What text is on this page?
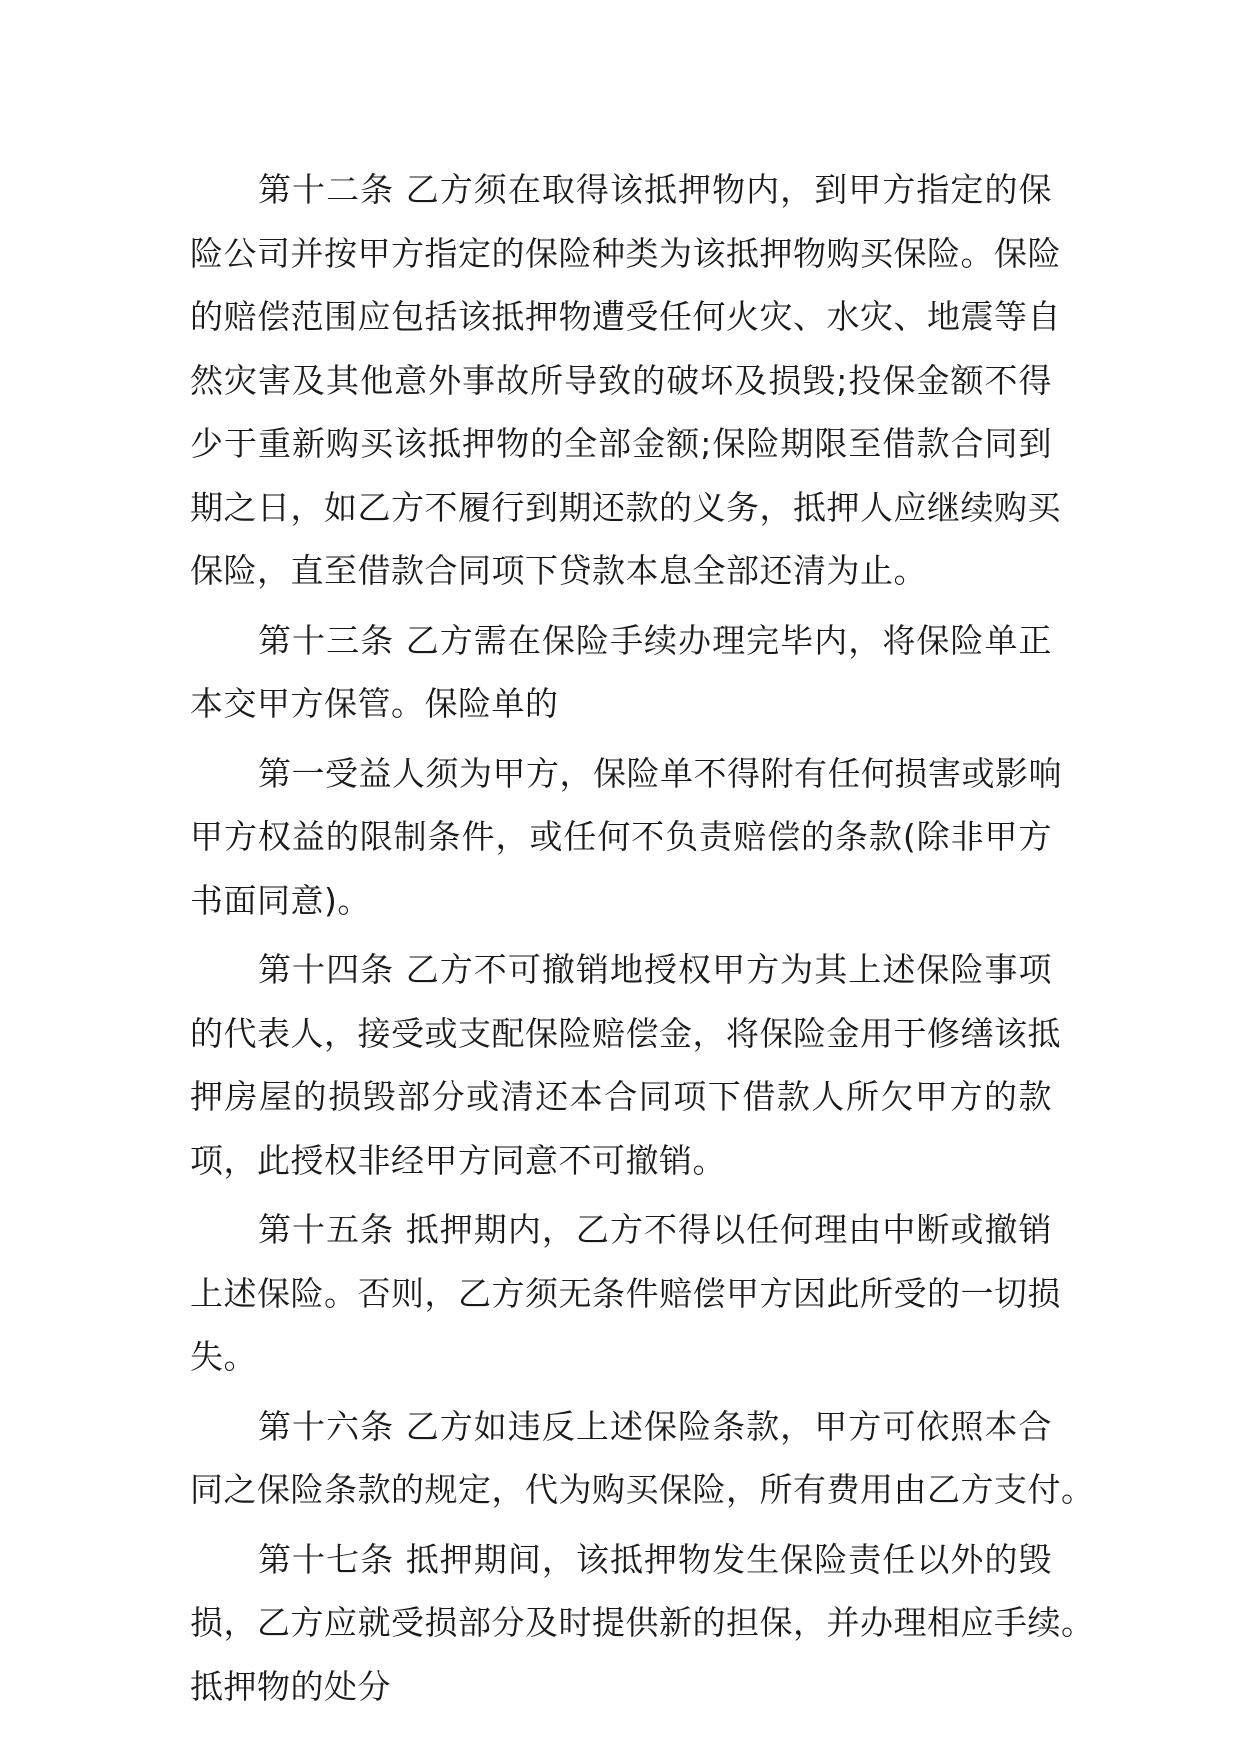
第十二条 乙方须在取得该抵押物内，到甲方指定的保
险公司并按甲方指定的保险种类为该抵押物购买保险。保险
的赔偿范围应包括该抵押物遭受任何火灾、水灾、地震等自
然灾害及其他意外事故所导致的破坏及损毁;投保金额不得
少于重新购买该抵押物的全部金额;保险期限至借款合同到
期之日，如乙方不履行到期还款的义务，抵押人应继续购买
保险，直至借款合同项下贷款本息全部还清为止。

第十三条 乙方需在保险手续办理完毕内，将保险单正
本交甲方保管。保险单的

第一受益人须为甲方，保险单不得附有任何损害或影响
甲方权益的限制条件，或任何不负责赔偿的条款(除非甲方
书面同意)。

第十四条 乙方不可撤销地授权甲方为其上述保险事项
的代表人，接受或支配保险赔偿金，将保险金用于修缮该抵
押房屋的损毁部分或清还本合同项下借款人所欠甲方的款
项，此授权非经甲方同意不可撤销。

第十五条 抵押期内，乙方不得以任何理由中断或撤销
上述保险。否则，乙方须无条件赔偿甲方因此所受的一切损
失。

第十六条 乙方如违反上述保险条款，甲方可依照本合
同之保险条款的规定，代为购买保险，所有费用由乙方支付。

第十七条 抵押期间，该抵押物发生保险责任以外的毁
损，乙方应就受损部分及时提供新的担保，并办理相应手续。
抵押物的处分
